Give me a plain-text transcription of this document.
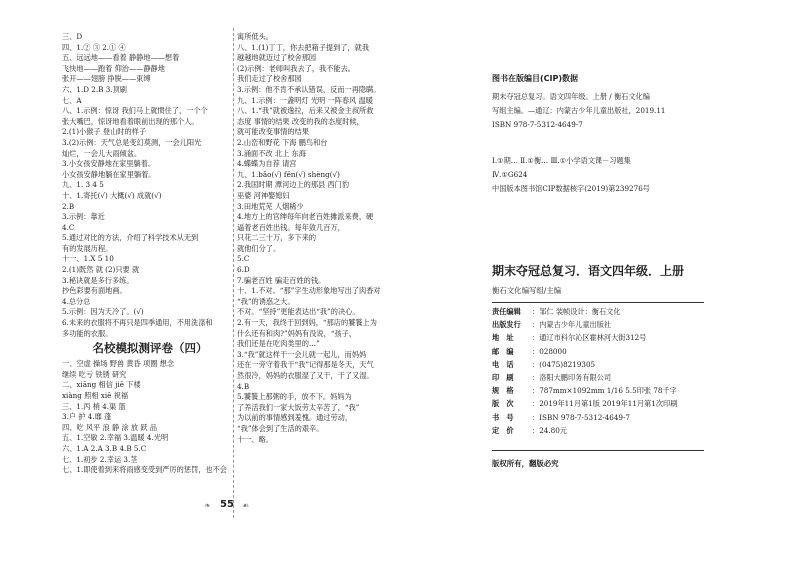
三、D
四、1.② ③ 2.① ④
五、远远地——看着 静静地——想着
飞快地——跑着 仰治——静静地
张开——翅膀 挣脱——束缚
六、1.D 2.B 3.顶刷
七、A
八、1.示例：惊讶 我们马上就惯住了，一个个
张大嘴巴，惊讶地看着眼前出现的那个人。
2.(1)小猴子 登山时的样子
3.(2)示例：天气总是变幻莫测，一会儿阳光
灿烂，一会儿大雨倾盆。
3.小女孩安静地在家里躺着。
小女孩安静地躺在家里躺着。
九、1. 3 4 5
十、1.寄托(√) 大概(√) 成就(√)
2.B
3.示例：靠近
4.C
5.通过对比的方法，介绍了科学技术从无到
有的发展历程。
十一、1.X 5 10
2.(1)既然 就 (2)只要 就
3.秘诀就是多行多练。
抄色彩要有面地画。
4.总分总
5.示例：因为天冷了。(√)
6.未来的衣服将不再只是四季通用，不用洗涤和
多功能的衣服。
名校模拟测评卷（四）
一、空虚 操场 野兽 黄昏 项圈 想念
继续 吃亏 铁锈 研究
二、xiāng 相信 jiē 下楼
xiàng 照相 xiē 祝福
三、1.丙 梢 4.渠 篮
3.户 护 4.靡 蓬
四、吃 风平 浪 静 涂 放 跃 品
五、1.空敏 2.幸福 3.温暖 4.光明
六、1.A 2.A 3.B 4.B 5.C
七、1.初步 2.幸运 3.茎
七、1.即使着到来将雨感变受到严厉的惩罚，也不会
寓所低头。
八、1.(1)丁丁，你去把箱子提到了，就我
越越地就迈过了校舍那园
(2)示例：老师叫我去了，我不能去。
我们走过了校舍那园
3.示例：他不肯不承认错误，反而一再隐瞒。
九、1.示例：一盏明灯 光明 一阵春风 温暖
八、1.“我”就被逸拉，后来又被金主叔所救
态度 事情的结果 改变的我的态度时候，
就可能改变事情的结果
2.山峦和野花 下海 鹏鸟和台
3.涌面不改 北上 东海
4.蝶蝶为自荐 请宫
九、1.bǎo(√) fěn(√) shèng(√)
2.我国时期 潭河边上的那县 西门豹
巫婆 河神娶媳妇
3.田地荒芜 人烟稀少
4.地方上的官绅每年向老百姓摊派来费，硬
逼着老百姓出钱。每年敛几百万，
只花二三十万，多下来的
就他们分了。
5.C
6.D
7.骗老百姓 骗走百姓的钱。
十、1.不对。“那”字生动形象地写出了肉香对
“我”的诱惑之大。
不对。“坚持”更能表达出“我”的决心。
2.有一天，我终于回到妈，“那店的饕餮上为
什么还有和肉?”妈妈有没说，“孩子，
我们还是在吃肉类里的…”
3.“我”就这样干一会儿就一起儿，而妈妈
还在一旁守着我干“我”记得那是冬天，天气
然很冷，妈妈的衣服湿了又干，干了又湿。
4.B
5.饕餮上那粥的手，放不下。妈妈为
了养活我们一家大饭劳太辛苦了，“我”
为以前的事情感到羞愧。通过劳动，
“我”体会到了生活的艰辛。
十一、略。
❧ 55 ☙
图书在版编目(CIP)数据
期末夺冠总复习。语文四年级。上册 / 衡石文化编
写组主编。—通辽：内蒙古少年儿童出版社，2019.11
ISBN 978-7-5312-4649-7
Ⅰ.①期… Ⅱ.①衡… Ⅲ.①小学语文课－习题集
Ⅳ.①G624
中国版本图书馆CIP数据核字(2019)第239276号
期末夺冠总复习．语文四年级．上册
衡石文化编写组/主编
责任编辑 ：邹仁 装帧设计：衡石文化
出版发行 ：内蒙古少年儿童出版社
地　址	：通辽市科尔沁区霍林河大街312号
邮　编	：028000
电　话	：(0475)8219305
印　刷	：洛阳大鹏印务有限公司
规　格	：787mm×1092mm 1/16 5.5印张 78千字
版　次	：2019年11月第1版 2019年11月第1次印刷
书　号	：ISBN 978-7-5312-4649-7
定　价	：24.80元
版权所有，翻版必究
